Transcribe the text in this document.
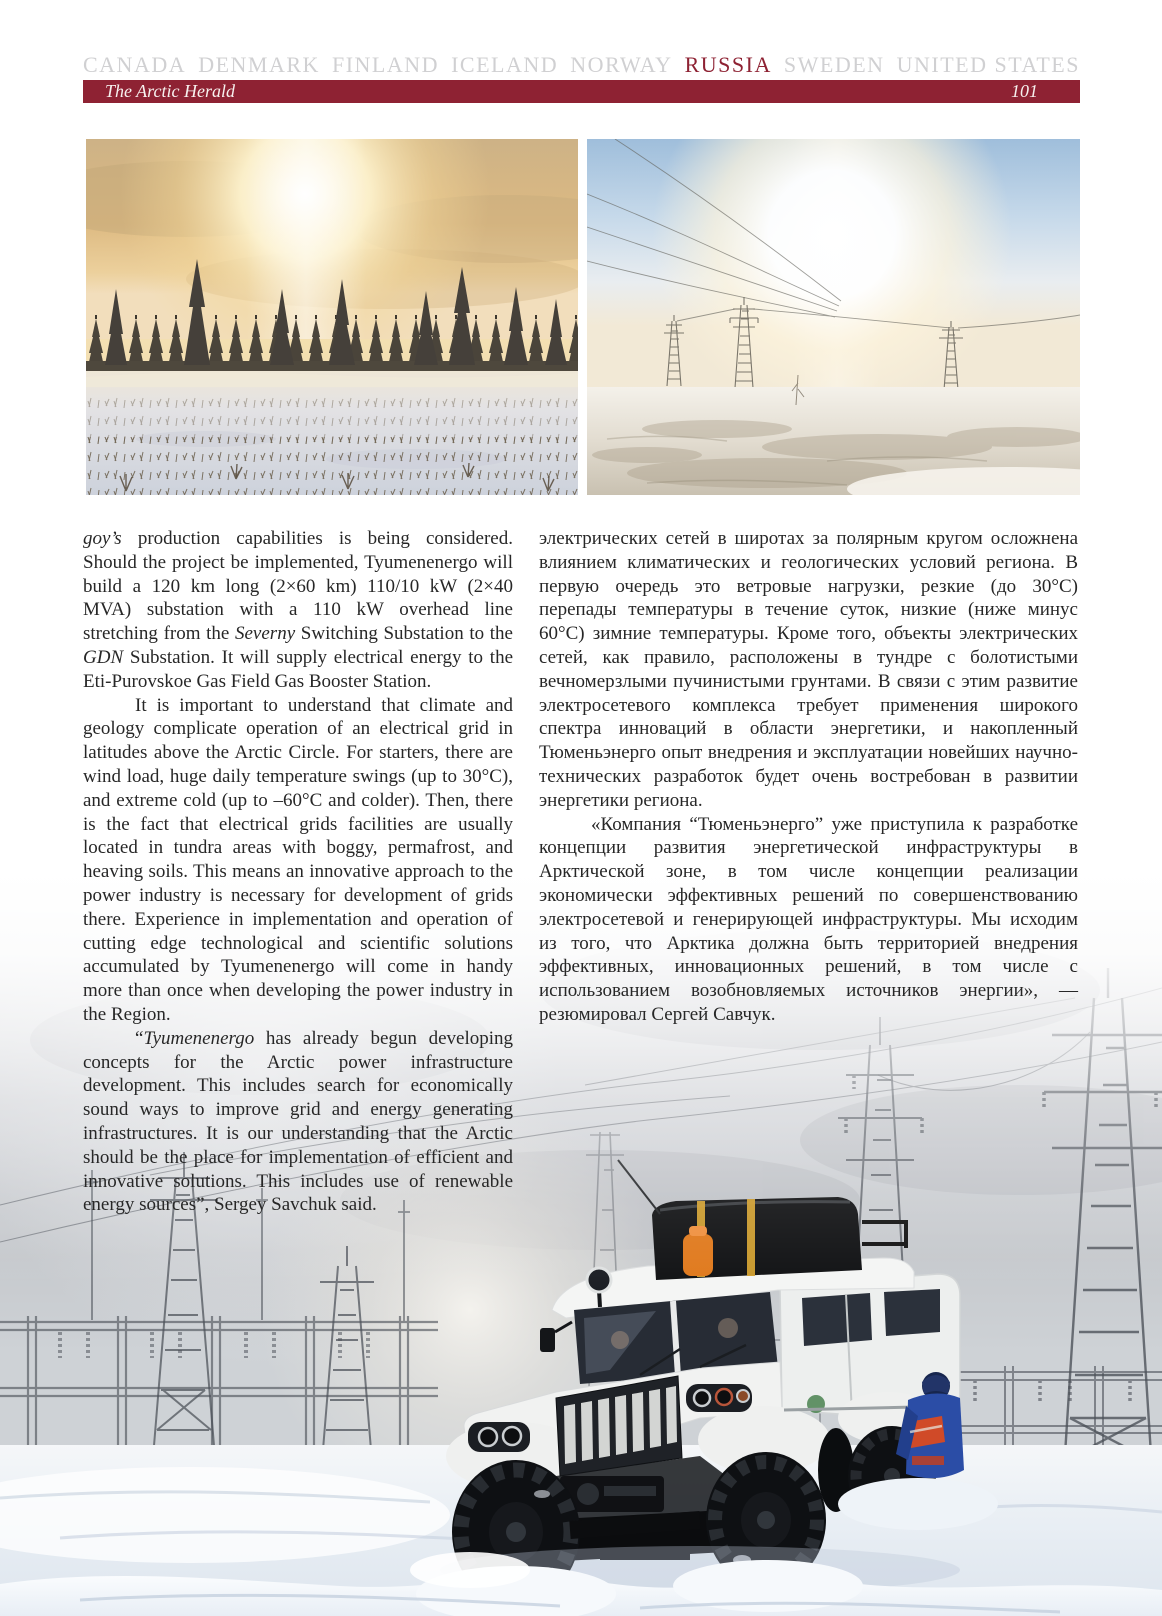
CANADA DENMARK FINLAND ICELAND NORWAY RUSSIA SWEDEN UNITED STATES
The Arctic Herald	101

goy’s production capabilities is being considered. Should the project be implemented, Tyumenenergo will build a 120 km long (2×60 km) 110/10 kW (2×40 MVA) substation with a 110 kW overhead line stretching from the Severny Switching Substation to the GDN Substation. It will supply electrical energy to the Eti-Purovskoe Gas Field Gas Booster Station.

It is important to understand that climate and geology complicate operation of an electrical grid in latitudes above the Arctic Circle. For starters, there are wind load, huge daily temperature swings (up to 30°C), and extreme cold (up to –60°C and colder). Then, there is the fact that electrical grids facilities are usually located in tundra areas with boggy, permafrost, and heaving soils. This means an innovative approach to the power industry is necessary for development of grids there. Experience in implementation and operation of cutting edge technological and scientific solutions accumulated by Tyumenenergo will come in handy more than once when developing the power industry in the Region.

“Tyumenenergo has already begun developing concepts for the Arctic power infrastructure development. This includes search for economically sound ways to improve grid and energy generating infrastructures. It is our understanding that the Arctic should be the place for implementation of efficient and innovative solutions. This includes use of renewable energy sources”, Sergey Savchuk said.

электрических сетей в широтах за полярным кругом осложнена влиянием климатических и геологических условий региона. В первую очередь это ветровые нагрузки, резкие (до 30°С) перепады температуры в течение суток, низкие (ниже минус 60°С) зимние температуры. Кроме того, объекты электрических сетей, как правило, расположены в тундре с болотистыми вечномерзлыми пучинистыми грунтами. В связи с этим развитие электросетевого комплекса требует применения широкого спектра инноваций в области энергетики, и накопленный Тюменьэнерго опыт внедрения и эксплуатации новейших научно-технических разработок будет очень востребован в развитии энергетики региона.

«Компания “Тюменьэнерго” уже приступила к разработке концепции развития энергетической инфраструктуры в Арктической зоне, в том числе концепции реализации экономически эффективных решений по совершенствованию электросетевой и генерирующей инфраструктуры. Мы исходим из того, что Арктика должна быть территорией внедрения эффективных, инновационных решений, в том числе с использованием возобновляемых источников энергии», — резюмировал Сергей Савчук.
